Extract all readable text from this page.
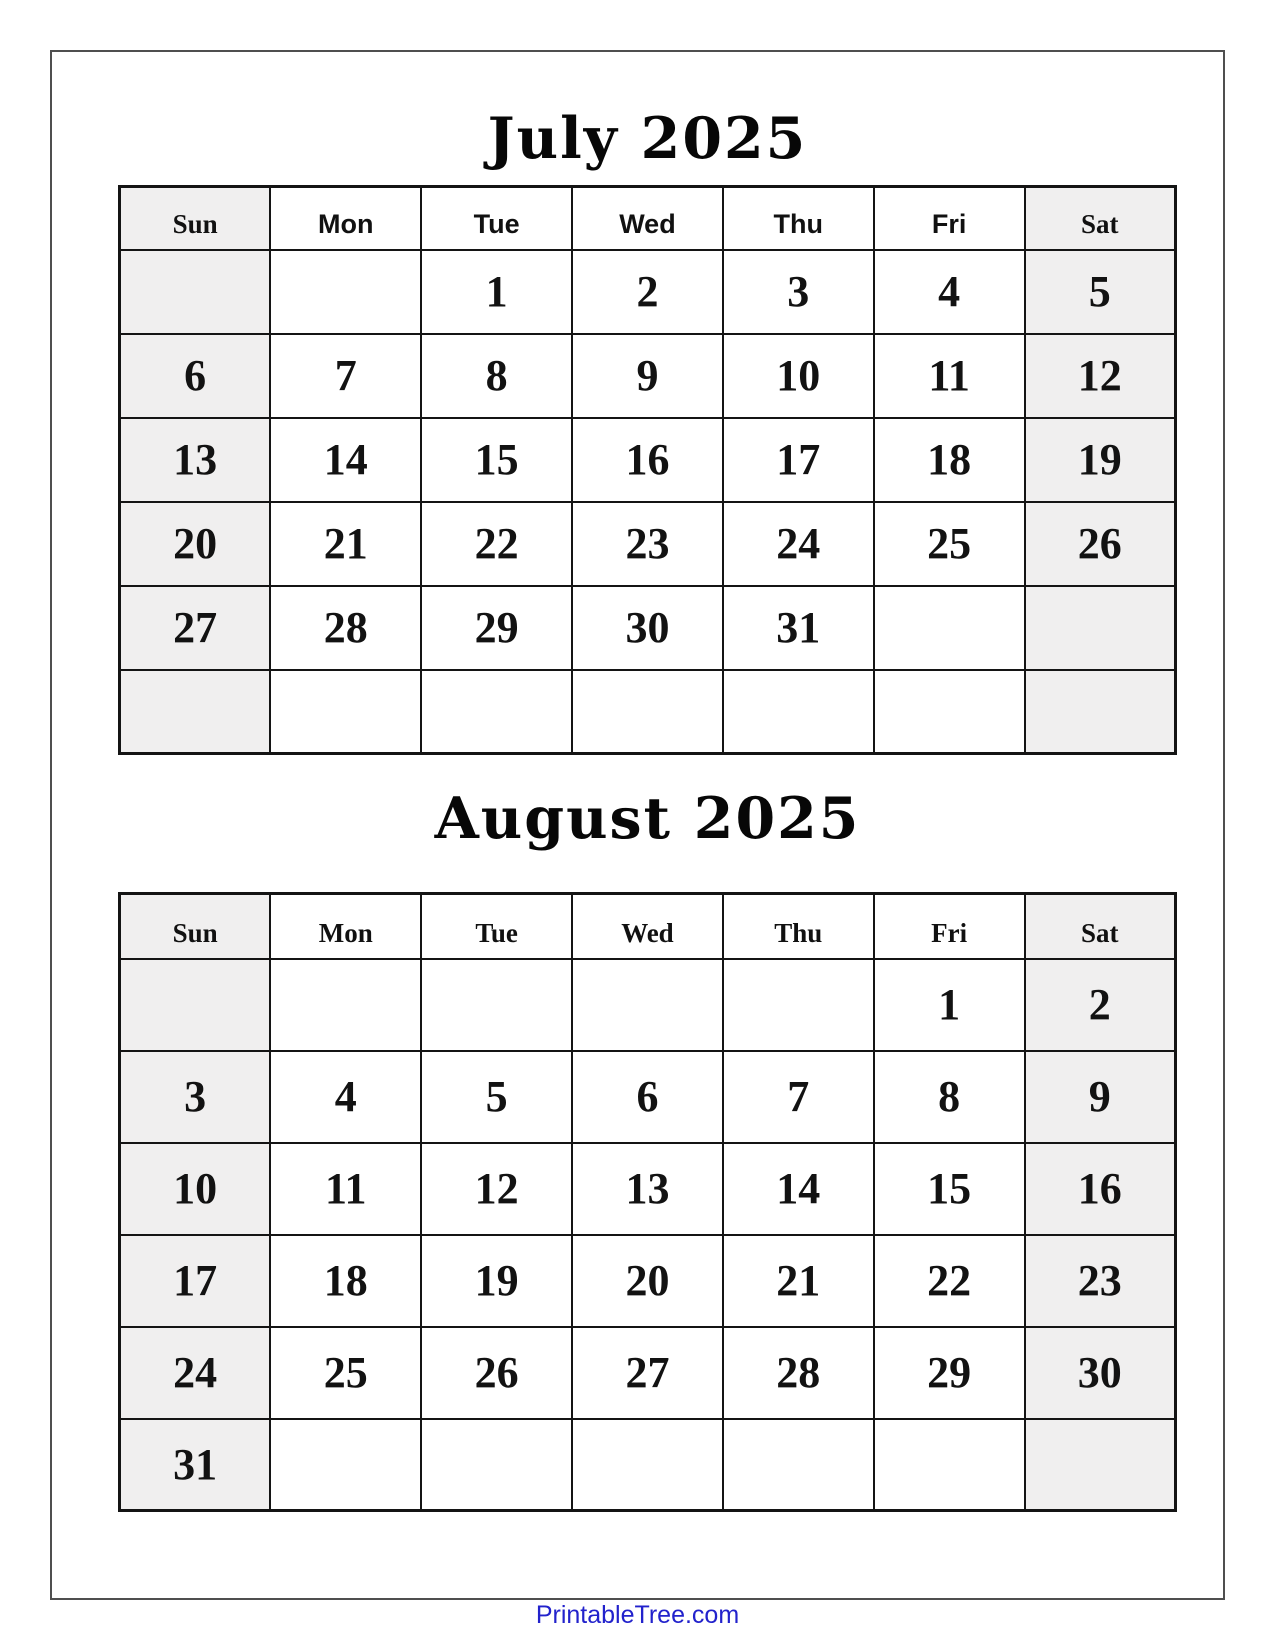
July 2025
Sun	Mon	Tue	Wed	Thu	Fri	Sat
		1	2	3	4	5
6	7	8	9	10	11	12
13	14	15	16	17	18	19
20	21	22	23	24	25	26
27	28	29	30	31		

August 2025
Sun	Mon	Tue	Wed	Thu	Fri	Sat
					1	2
3	4	5	6	7	8	9
10	11	12	13	14	15	16
17	18	19	20	21	22	23
24	25	26	27	28	29	30
31						
PrintableTree.com
